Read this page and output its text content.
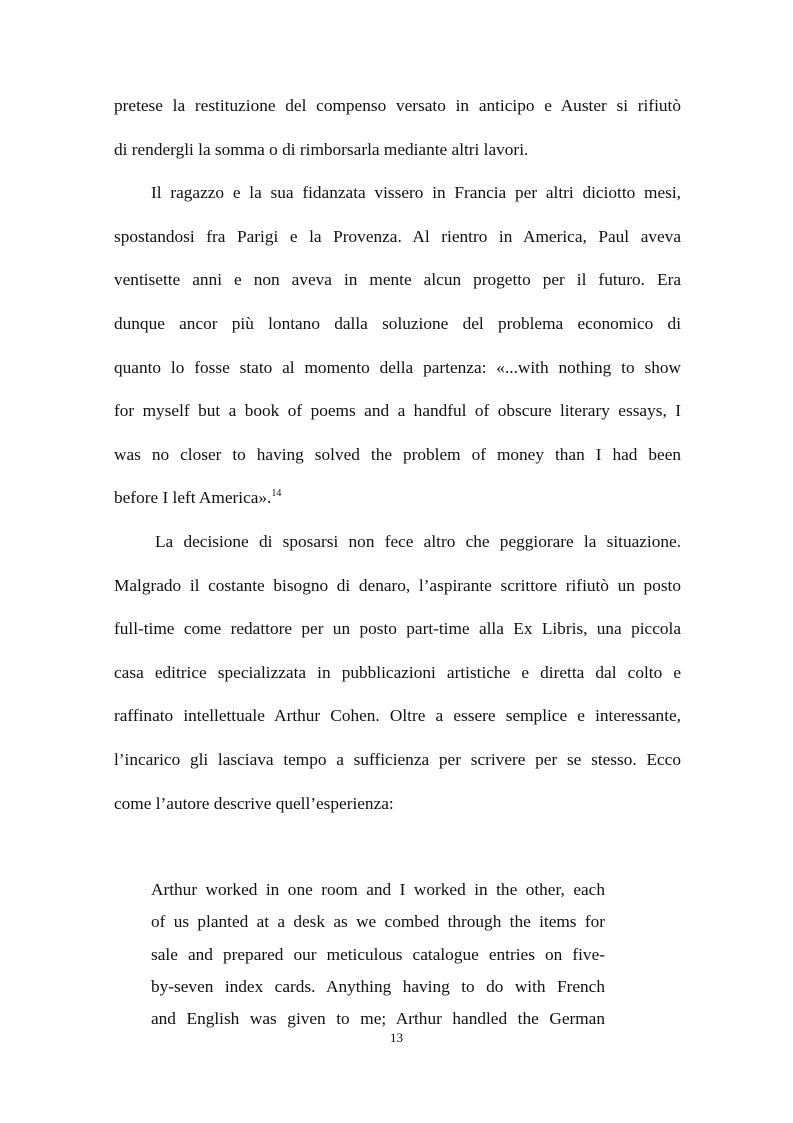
pretese la restituzione del compenso versato in anticipo e Auster si rifiutò
di rendergli la somma o di rimborsarla mediante altri lavori.
Il ragazzo e la sua fidanzata vissero in Francia per altri diciotto mesi,
spostandosi fra Parigi e la Provenza. Al rientro in America, Paul aveva
ventisette anni e non aveva in mente alcun progetto per il futuro. Era
dunque ancor più lontano dalla soluzione del problema economico di
quanto lo fosse stato al momento della partenza: «...with nothing to show
for myself but a book of poems and a handful of obscure literary essays, I
was no closer to having solved the problem of money than I had been
before I left America».$^{14}$
La decisione di sposarsi non fece altro che peggiorare la situazione.
Malgrado il costante bisogno di denaro, l’aspirante scrittore rifiutò un posto
full-time come redattore per un posto part-time alla Ex Libris, una piccola
casa editrice specializzata in pubblicazioni artistiche e diretta dal colto e
raffinato intellettuale Arthur Cohen. Oltre a essere semplice e interessante,
l’incarico gli lasciava tempo a sufficienza per scrivere per se stesso. Ecco
come l’autore descrive quell’esperienza:
Arthur worked in one room and I worked in the other, each
of us planted at a desk as we combed through the items for
sale and prepared our meticulous catalogue entries on five-
by-seven index cards. Anything having to do with French
and English was given to me; Arthur handled the German
13
